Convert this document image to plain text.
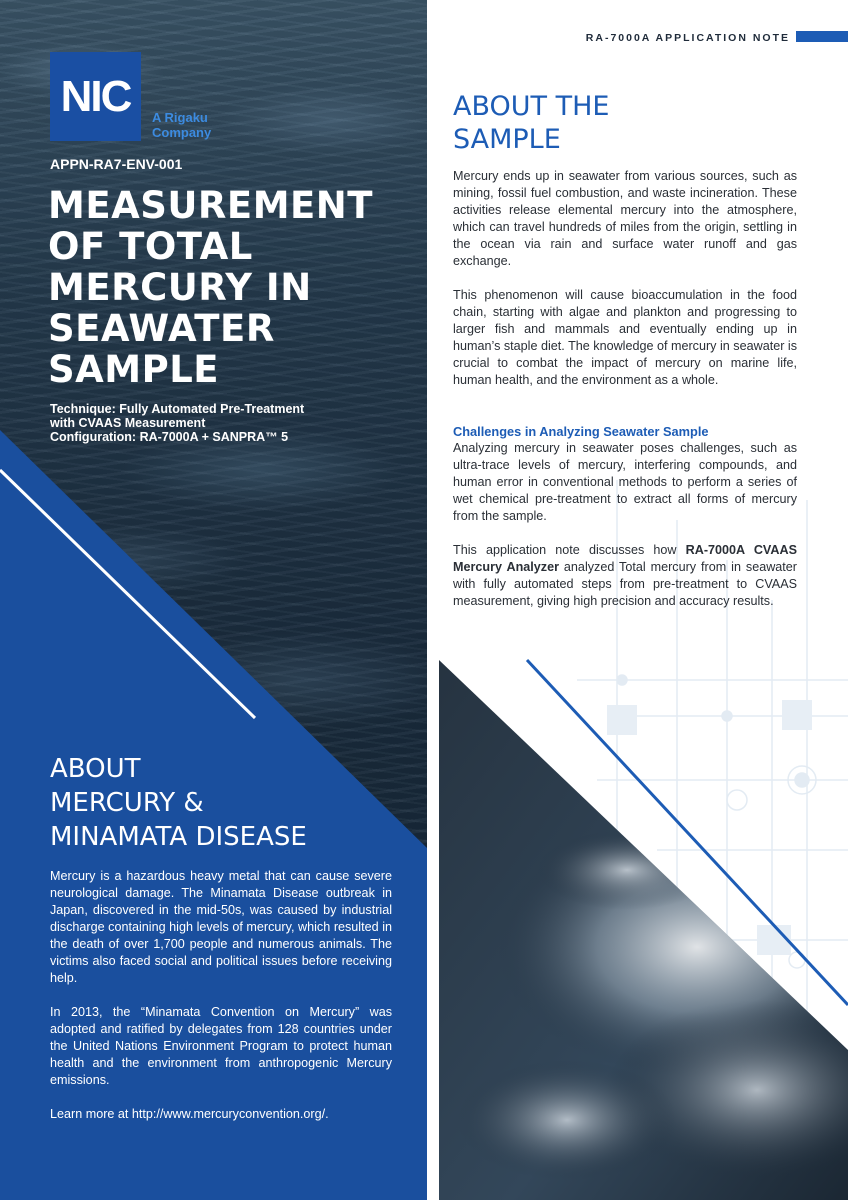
NIC A Rigaku
Company
APPN-RA7-ENV-001
MEASUREMENT
OF TOTAL
MERCURY IN
SEAWATER
SAMPLE
Technique: Fully Automated Pre-Treatment
with CVAAS Measurement
Configuration: RA-7000A + SANPRA™ 5
ABOUT
MERCURY &
MINAMATA DISEASE

Mercury is a hazardous heavy metal that can cause severe neurological damage. The Minamata Disease outbreak in Japan, discovered in the mid-50s, was caused by industrial discharge containing high levels of mercury, which resulted in the death of over 1,700 people and numerous animals. The victims also faced social and political issues before receiving help.

In 2013, the “Minamata Convention on Mercury” was adopted and ratified by delegates from 128 countries under the United Nations Environment Program to protect human health and the environment from anthropogenic Mercury emissions.

Learn more at http://www.mercuryconvention.org/.

RA-7000A APPLICATION NOTE
ABOUT THE
SAMPLE

Mercury ends up in seawater from various sources, such as mining, fossil fuel combustion, and waste incineration. These activities release elemental mercury into the atmosphere, which can travel hundreds of miles from the origin, settling in the ocean via rain and surface water runoff and gas exchange.

This phenomenon will cause bioaccumulation in the food chain, starting with algae and plankton and progressing to larger fish and mammals and eventually ending up in human’s staple diet. The knowledge of mercury in seawater is crucial to combat the impact of mercury on marine life, human health, and the environment as a whole.

Challenges in Analyzing Seawater Sample

Analyzing mercury in seawater poses challenges, such as ultra-trace levels of mercury, interfering compounds, and human error in conventional methods to perform a series of wet chemical pre-treatment to extract all forms of mercury from the sample.

This application note discusses how RA-7000A CVAAS Mercury Analyzer analyzed Total mercury from in seawater with fully automated steps from pre-treatment to CVAAS measurement, giving high precision and accuracy results.
